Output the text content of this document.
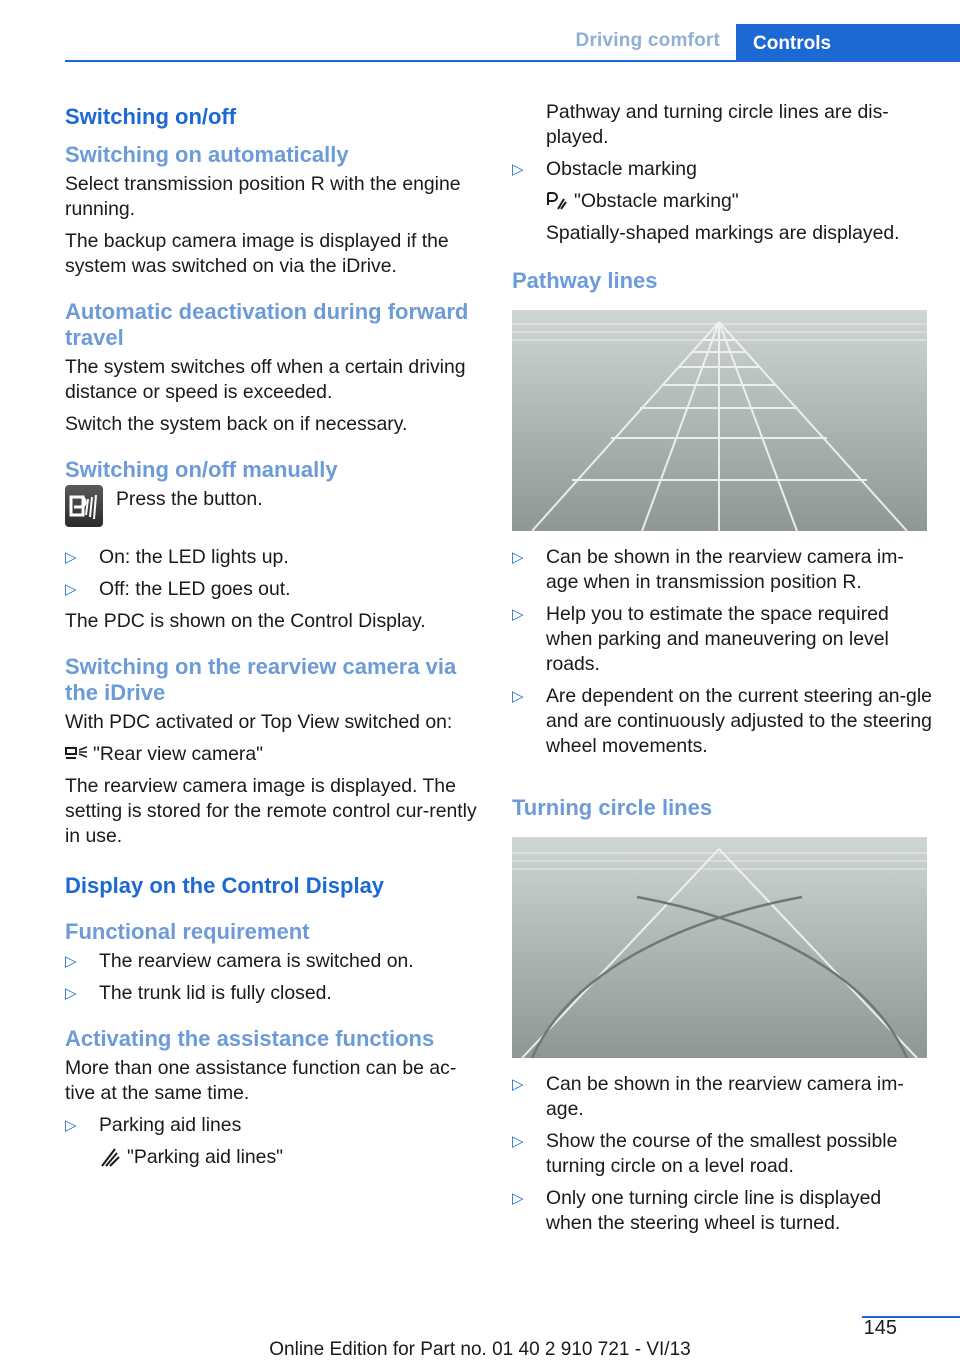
Driving comfort	Controls
Switching on/off
Switching on automatically
Select transmission position R with the engine running.
The backup camera image is displayed if the system was switched on via the iDrive.
Automatic deactivation during forward travel
The system switches off when a certain driving distance or speed is exceeded.
Switch the system back on if necessary.
Switching on/off manually
Press the button.
▷ On: the LED lights up.
▷ Off: the LED goes out.
The PDC is shown on the Control Display.
Switching on the rearview camera via the iDrive
With PDC activated or Top View switched on:
"Rear view camera"
The rearview camera image is displayed. The setting is stored for the remote control cur-rently in use.
Display on the Control Display
Functional requirement
▷ The rearview camera is switched on.
▷ The trunk lid is fully closed.
Activating the assistance functions
More than one assistance function can be ac-tive at the same time.
▷ Parking aid lines
"Parking aid lines"
Pathway and turning circle lines are dis-played.
▷ Obstacle marking
"Obstacle marking"
Spatially-shaped markings are displayed.
Pathway lines
▷ Can be shown in the rearview camera im-age when in transmission position R.
▷ Help you to estimate the space required when parking and maneuvering on level roads.
▷ Are dependent on the current steering an-gle and are continuously adjusted to the steering wheel movements.
Turning circle lines
▷ Can be shown in the rearview camera im-age.
▷ Show the course of the smallest possible turning circle on a level road.
▷ Only one turning circle line is displayed when the steering wheel is turned.
145
Online Edition for Part no. 01 40 2 910 721 - VI/13
